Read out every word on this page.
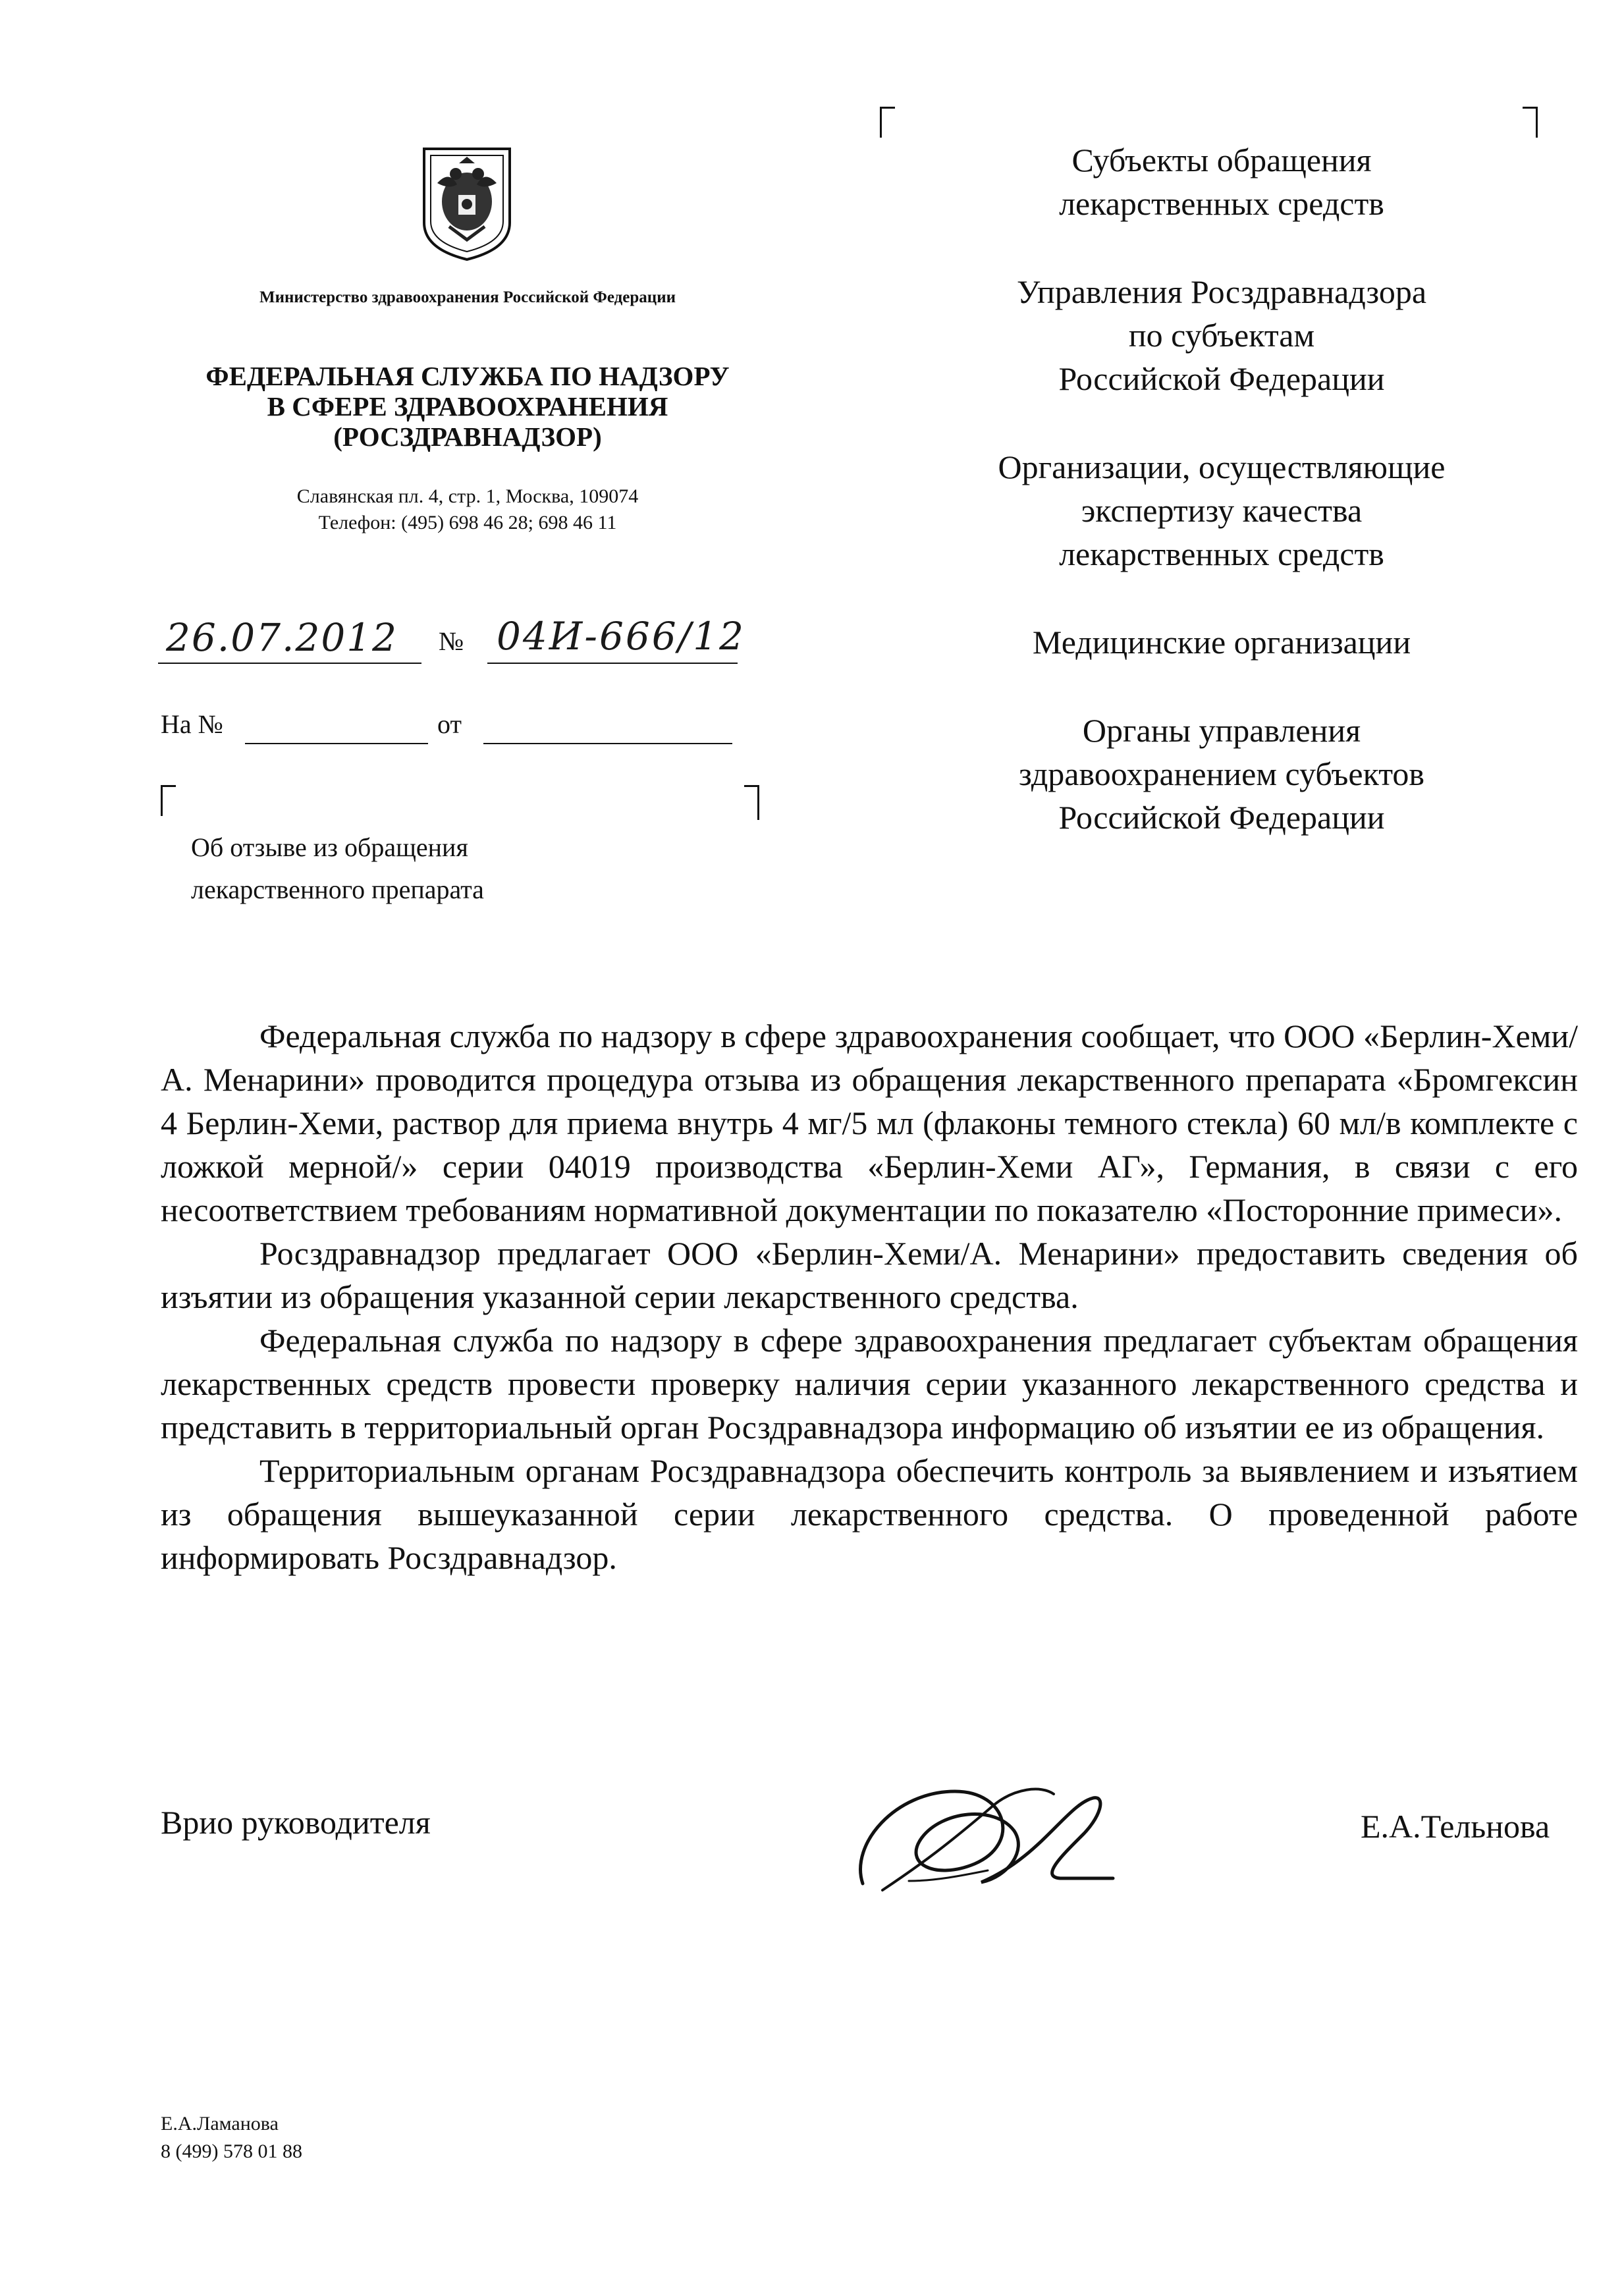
Министерство здравоохранения Российской Федерации
ФЕДЕРАЛЬНАЯ СЛУЖБА ПО НАДЗОРУ
В СФЕРЕ ЗДРАВООХРАНЕНИЯ
(РОСЗДРАВНАДЗОР)
Славянская пл. 4, стр. 1, Москва, 109074
Телефон: (495) 698 46 28; 698 46 11
26.07.2012 № 04И-666/12
На №	от
Об отзыве из обращения
лекарственного препарата
Субъекты обращения
лекарственных средств
Управления Росздравнадзора
по субъектам
Российской Федерации
Организации, осуществляющие
экспертизу качества
лекарственных средств
Медицинские организации
Органы управления
здравоохранением субъектов
Российской Федерации

Федеральная служба по надзору в сфере здравоохранения сообщает, что ООО «Берлин-Хеми/А. Менарини» проводится процедура отзыва из обращения лекарственного препарата «Бромгексин 4 Берлин-Хеми, раствор для приема внутрь 4 мг/5 мл (флаконы темного стекла) 60 мл/в комплекте с ложкой мерной/» серии 04019 производства «Берлин-Хеми АГ», Германия, в связи с его несоответствием требованиям нормативной документации по показателю «Посторонние примеси».

Росздравнадзор предлагает ООО «Берлин-Хеми/А. Менарини» предоставить сведения об изъятии из обращения указанной серии лекарственного средства.

Федеральная служба по надзору в сфере здравоохранения предлагает субъектам обращения лекарственных средств провести проверку наличия серии указанного лекарственного средства и представить в территориальный орган Росздравнадзора информацию об изъятии ее из обращения.

Территориальным органам Росздравнадзора обеспечить контроль за выявлением и изъятием из обращения вышеуказанной серии лекарственного средства. О проведенной работе информировать Росздравнадзор.

Врио руководителя	Е.А.Тельнова
Е.А.Ламанова
8 (499) 578 01 88
